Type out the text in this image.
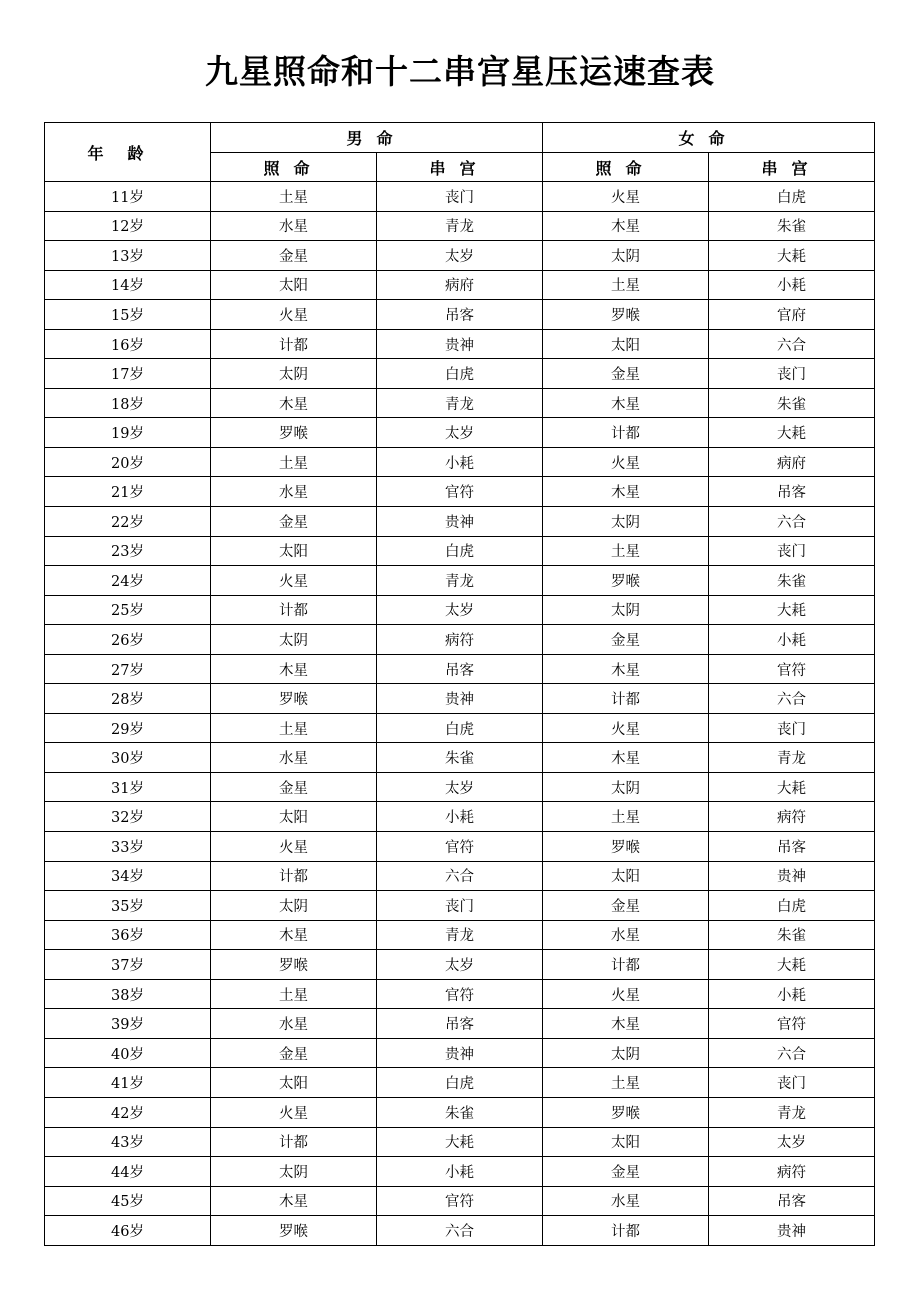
九星照命和十二串宫星压运速查表
年龄	男命		女命	
	照命	串宫	照命	串宫
11岁	土星	丧门	火星	白虎
12岁	水星	青龙	木星	朱雀
13岁	金星	太岁	太阴	大耗
14岁	太阳	病府	土星	小耗
15岁	火星	吊客	罗喉	官府
16岁	计都	贵神	太阳	六合
17岁	太阴	白虎	金星	丧门
18岁	木星	青龙	木星	朱雀
19岁	罗喉	太岁	计都	大耗
20岁	土星	小耗	火星	病府
21岁	水星	官符	木星	吊客
22岁	金星	贵神	太阴	六合
23岁	太阳	白虎	土星	丧门
24岁	火星	青龙	罗喉	朱雀
25岁	计都	太岁	太阴	大耗
26岁	太阴	病符	金星	小耗
27岁	木星	吊客	木星	官符
28岁	罗喉	贵神	计都	六合
29岁	土星	白虎	火星	丧门
30岁	水星	朱雀	木星	青龙
31岁	金星	太岁	太阴	大耗
32岁	太阳	小耗	土星	病符
33岁	火星	官符	罗喉	吊客
34岁	计都	六合	太阳	贵神
35岁	太阴	丧门	金星	白虎
36岁	木星	青龙	水星	朱雀
37岁	罗喉	太岁	计都	大耗
38岁	土星	官符	火星	小耗
39岁	水星	吊客	木星	官符
40岁	金星	贵神	太阴	六合
41岁	太阳	白虎	土星	丧门
42岁	火星	朱雀	罗喉	青龙
43岁	计都	大耗	太阳	太岁
44岁	太阴	小耗	金星	病符
45岁	木星	官符	水星	吊客
46岁	罗喉	六合	计都	贵神
